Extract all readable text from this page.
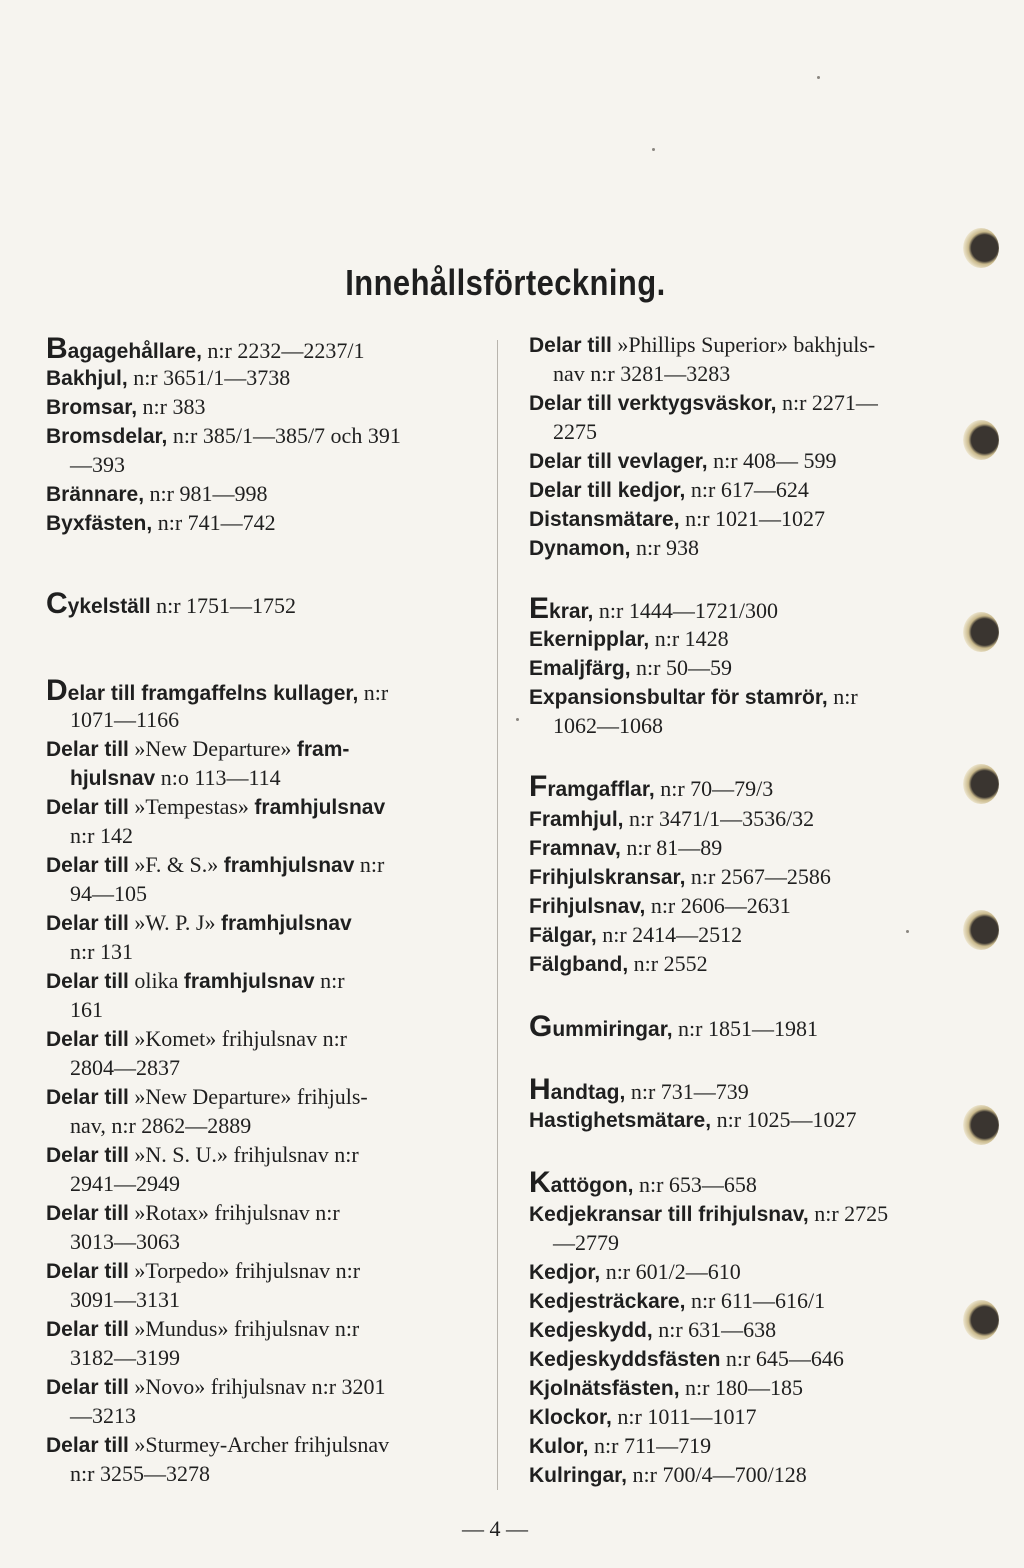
Innehållsförteckning.
Bagagehållare, n:r 2232—2237/1
Bakhjul, n:r 3651/1—3738
Bromsar, n:r 383
Bromsdelar, n:r 385/1—385/7 och 391
—393
Brännare, n:r 981—998
Byxfästen, n:r 741—742
Cykelställ n:r 1751—1752
Delar till framgaffelns kullager, n:r
1071—1166
Delar till »New Departure» fram-
hjulsnav n:o 113—114
Delar till »Tempestas» framhjulsnav
n:r 142
Delar till »F. & S.» framhjulsnav n:r
94—105
Delar till »W. P. J» framhjulsnav
n:r 131
Delar till olika framhjulsnav n:r
161
Delar till »Komet» frihjulsnav n:r
2804—2837
Delar till »New Departure» frihjuls-
nav, n:r 2862—2889
Delar till »N. S. U.» frihjulsnav n:r
2941—2949
Delar till »Rotax» frihjulsnav n:r
3013—3063
Delar till »Torpedo» frihjulsnav n:r
3091—3131
Delar till »Mundus» frihjulsnav n:r
3182—3199
Delar till »Novo» frihjulsnav n:r 3201
—3213
Delar till »Sturmey-Archer frihjulsnav
n:r 3255—3278
Delar till »Phillips Superior» bakhjuls-
nav n:r 3281—3283
Delar till verktygsväskor, n:r 2271—
2275
Delar till vevlager, n:r 408— 599
Delar till kedjor, n:r 617—624
Distansmätare, n:r 1021—1027
Dynamon, n:r 938
Ekrar, n:r 1444—1721/300
Ekernipplar, n:r 1428
Emaljfärg, n:r 50—59
Expansionsbultar för stamrör, n:r
1062—1068
Framgafflar, n:r 70—79/3
Framhjul, n:r 3471/1—3536/32
Framnav, n:r 81—89
Frihjulskransar, n:r 2567—2586
Frihjulsnav, n:r 2606—2631
Fälgar, n:r 2414—2512
Fälgband, n:r 2552
Gummiringar, n:r 1851—1981
Handtag, n:r 731—739
Hastighetsmätare, n:r 1025—1027
Kattögon, n:r 653—658
Kedjekransar till frihjulsnav, n:r 2725
—2779
Kedjor, n:r 601/2—610
Kedjesträckare, n:r 611—616/1
Kedjeskydd, n:r 631—638
Kedjeskyddsfästen n:r 645—646
Kjolnätsfästen, n:r 180—185
Klockor, n:r 1011—1017
Kulor, n:r 711—719
Kulringar, n:r 700/4—700/128
— 4 —
